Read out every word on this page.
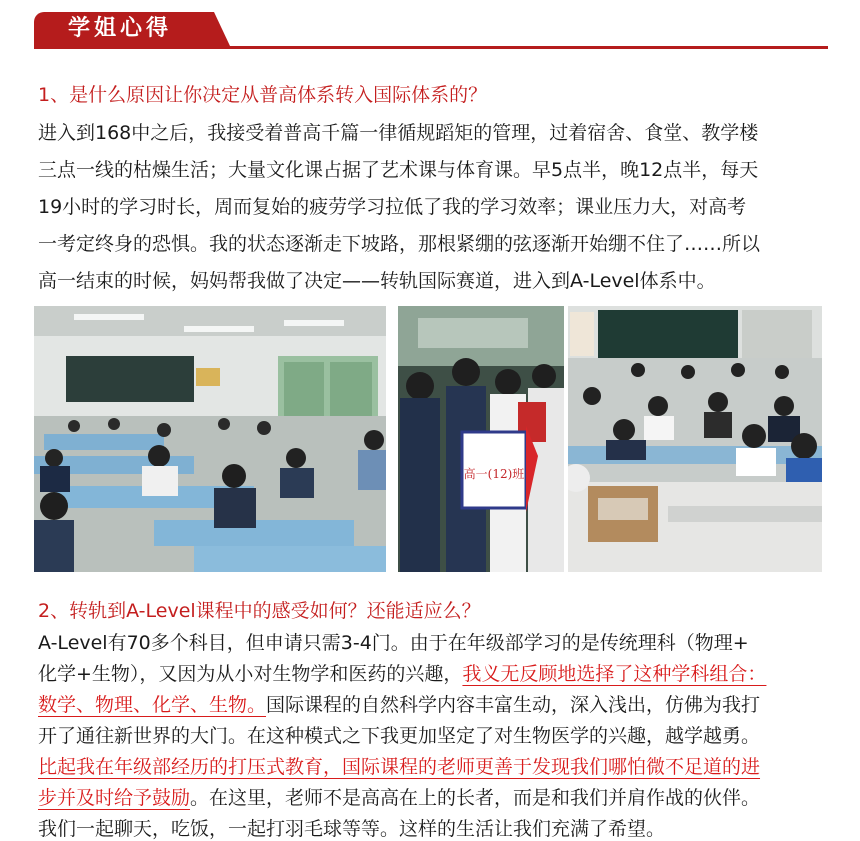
学姐心得
1、是什么原因让你决定从普高体系转入国际体系的？
进入到168中之后，我接受着普高千篇一律循规蹈矩的管理，过着宿舍、食堂、教学楼
三点一线的枯燥生活；大量文化课占据了艺术课与体育课。早5点半，晚12点半，每天
19小时的学习时长，周而复始的疲劳学习拉低了我的学习效率；课业压力大，对高考
一考定终身的恐惧。我的状态逐渐走下坡路，那根紧绷的弦逐渐开始绷不住了……所以
高一结束的时候，妈妈帮我做了决定——转轨国际赛道，进入到A-Level体系中。
高一(12)班
2、转轨到A-Level课程中的感受如何？还能适应么？
A-Level有70多个科目，但申请只需3-4门。由于在年级部学习的是传统理科（物理+
化学+生物），又因为从小对生物学和医药的兴趣，我义无反顾地选择了这种学科组合：
数学、物理、化学、生物。国际课程的自然科学内容丰富生动，深入浅出，仿佛为我打
开了通往新世界的大门。在这种模式之下我更加坚定了对生物医学的兴趣，越学越勇。
比起我在年级部经历的打压式教育，国际课程的老师更善于发现我们哪怕微不足道的进
步并及时给予鼓励。在这里，老师不是高高在上的长者，而是和我们并肩作战的伙伴。
我们一起聊天，吃饭，一起打羽毛球等等。这样的生活让我们充满了希望。
